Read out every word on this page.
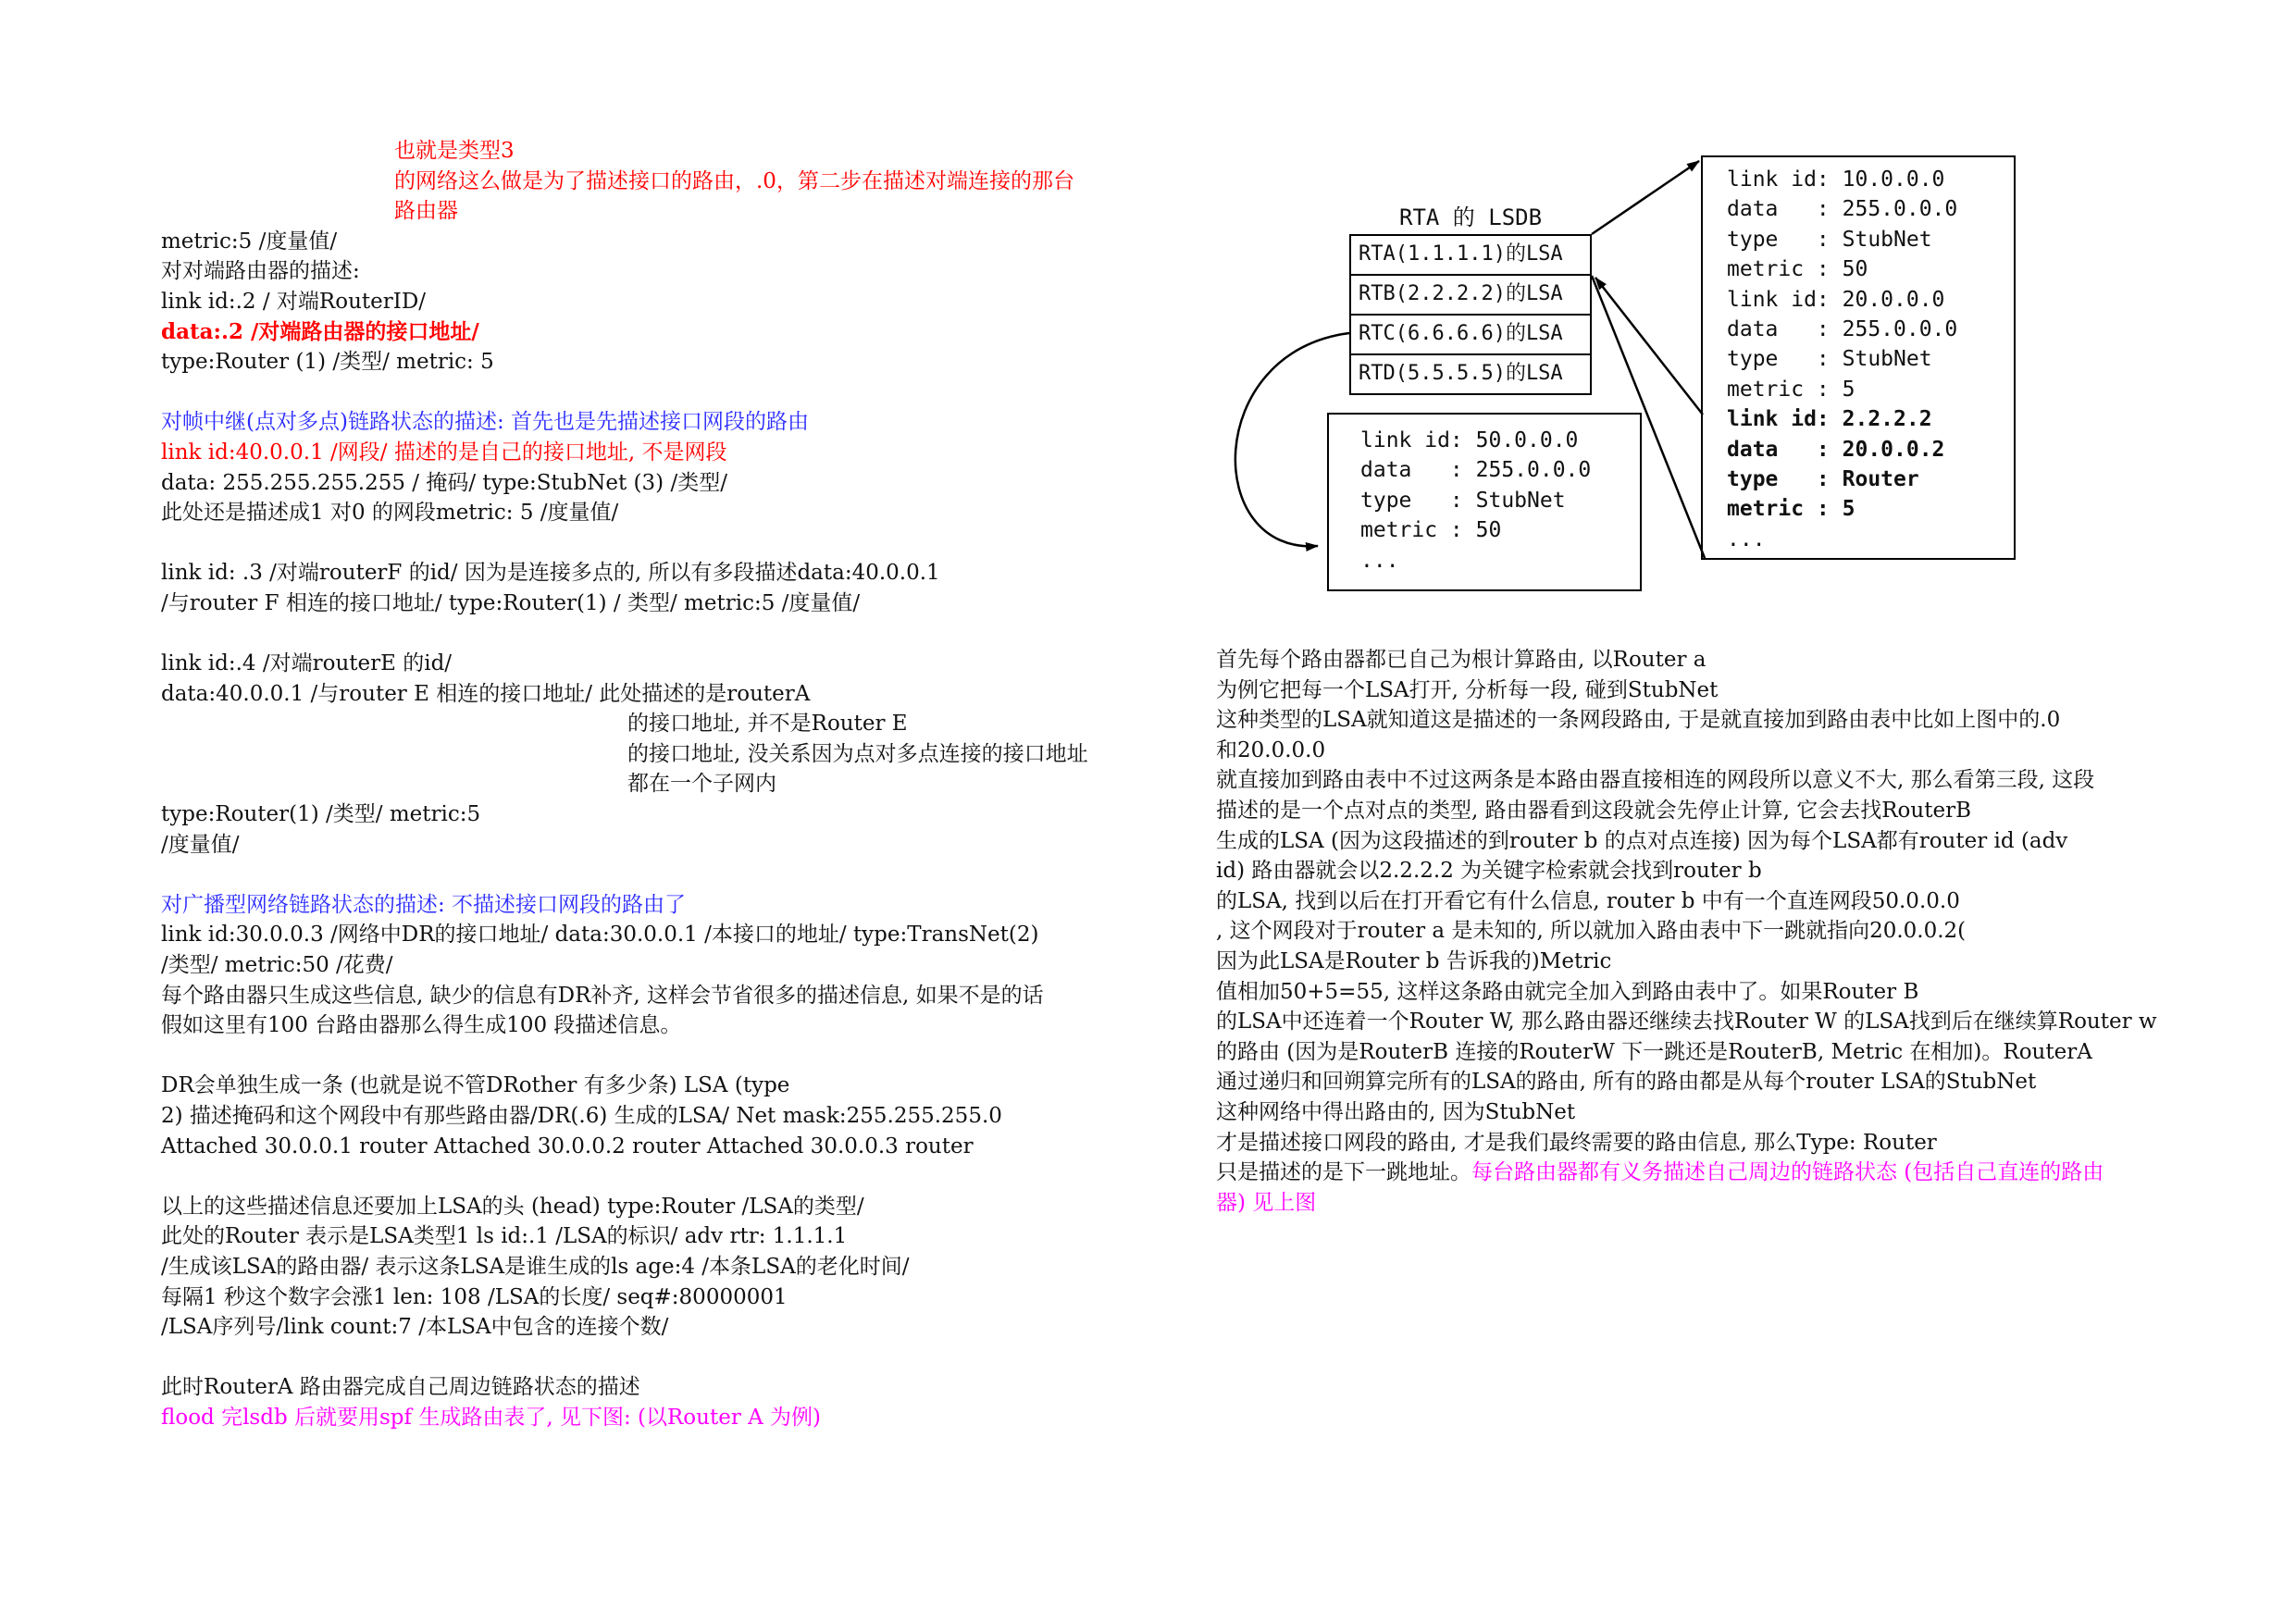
也就是类型3
的网络这么做是为了描述接口的路由，.0，第二步在描述对端连接的那台
路由器
metric:5 /度量值/
对对端路由器的描述:
link id:.2 / 对端RouterID/
data:.2 /对端路由器的接口地址/
type:Router (1) /类型/ metric: 5
对帧中继(点对多点)链路状态的描述: 首先也是先描述接口网段的路由
link id:40.0.0.1 /网段/ 描述的是自己的接口地址, 不是网段
data: 255.255.255.255 / 掩码/ type:StubNet (3) /类型/
此处还是描述成1 对0 的网段metric: 5 /度量值/
link id: .3 /对端routerF 的id/ 因为是连接多点的, 所以有多段描述data:40.0.0.1
/与router F 相连的接口地址/ type:Router(1) / 类型/ metric:5 /度量值/
link id:.4 /对端routerE 的id/
data:40.0.0.1 /与router E 相连的接口地址/ 此处描述的是routerA
的接口地址, 并不是Router E
的接口地址, 没关系因为点对多点连接的接口地址
都在一个子网内
type:Router(1) /类型/ metric:5
/度量值/
对广播型网络链路状态的描述: 不描述接口网段的路由了
link id:30.0.0.3 /网络中DR的接口地址/ data:30.0.0.1 /本接口的地址/ type:TransNet(2)
/类型/ metric:50 /花费/
每个路由器只生成这些信息, 缺少的信息有DR补齐, 这样会节省很多的描述信息, 如果不是的话
假如这里有100 台路由器那么得生成100 段描述信息。
DR会单独生成一条 (也就是说不管DRother 有多少条) LSA (type
2) 描述掩码和这个网段中有那些路由器/DR(.6) 生成的LSA/ Net mask:255.255.255.0
Attached 30.0.0.1 router Attached 30.0.0.2 router Attached 30.0.0.3 router
以上的这些描述信息还要加上LSA的头 (head) type:Router /LSA的类型/
此处的Router 表示是LSA类型1 ls id:.1 /LSA的标识/ adv rtr: 1.1.1.1
/生成该LSA的路由器/ 表示这条LSA是谁生成的ls age:4 /本条LSA的老化时间/
每隔1 秒这个数字会涨1 len: 108 /LSA的长度/ seq#:80000001
/LSA序列号/link count:7 /本LSA中包含的连接个数/
此时RouterA 路由器完成自己周边链路状态的描述
flood 完lsdb 后就要用spf 生成路由表了, 见下图: (以Router A 为例)
RTA 的 LSDB
RTA(1.1.1.1)的LSA
RTB(2.2.2.2)的LSA
RTC(6.6.6.6)的LSA
RTD(5.5.5.5)的LSA
link id: 10.0.0.0
data   : 255.0.0.0
type   : StubNet
metric : 50
link id: 20.0.0.0
data   : 255.0.0.0
type   : StubNet
metric : 5
link id: 2.2.2.2
data   : 20.0.0.2
type   : Router
metric : 5
...
link id: 50.0.0.0
data   : 255.0.0.0
type   : StubNet
metric : 50
...
首先每个路由器都已自己为根计算路由, 以Router a
为例它把每一个LSA打开, 分析每一段, 碰到StubNet
这种类型的LSA就知道这是描述的一条网段路由, 于是就直接加到路由表中比如上图中的.0
和20.0.0.0
就直接加到路由表中不过这两条是本路由器直接相连的网段所以意义不大, 那么看第三段, 这段
描述的是一个点对点的类型, 路由器看到这段就会先停止计算, 它会去找RouterB
生成的LSA (因为这段描述的到router b 的点对点连接) 因为每个LSA都有router id (adv
id) 路由器就会以2.2.2.2 为关键字检索就会找到router b
的LSA, 找到以后在打开看它有什么信息, router b 中有一个直连网段50.0.0.0
, 这个网段对于router a 是未知的, 所以就加入路由表中下一跳就指向20.0.0.2(
因为此LSA是Router b 告诉我的)Metric
值相加50+5=55, 这样这条路由就完全加入到路由表中了。如果Router B
的LSA中还连着一个Router W, 那么路由器还继续去找Router W 的LSA找到后在继续算Router w
的路由 (因为是RouterB 连接的RouterW 下一跳还是RouterB, Metric 在相加)。RouterA
通过递归和回朔算完所有的LSA的路由, 所有的路由都是从每个router LSA的StubNet
这种网络中得出路由的, 因为StubNet
才是描述接口网段的路由, 才是我们最终需要的路由信息, 那么Type: Router
只是描述的是下一跳地址。每台路由器都有义务描述自己周边的链路状态 (包括自己直连的路由
器) 见上图
